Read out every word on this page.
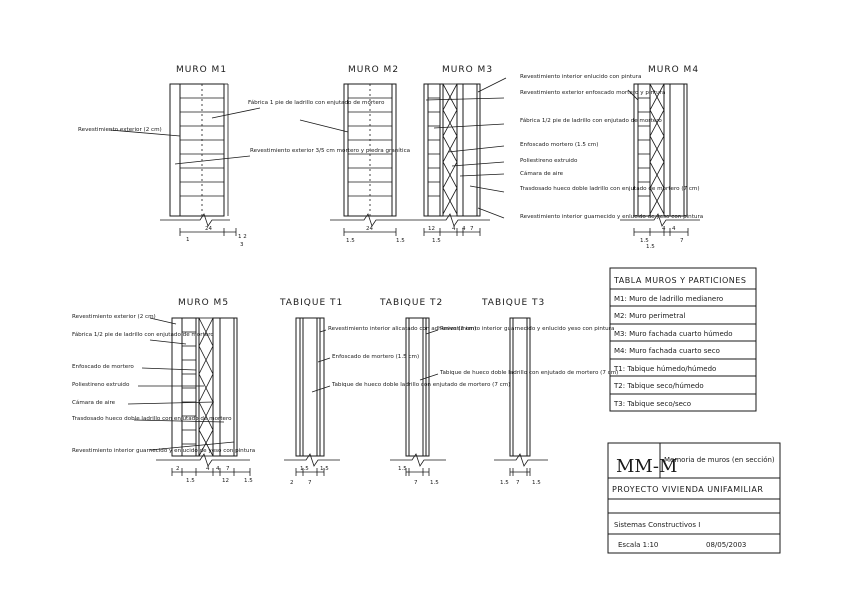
MURO M1
Revestimiento exterior (2 cm)
Fábrica 1 pie de ladrillo con enjutado de mortero
Revestimiento exterior 3/5 cm mortero y piedra granítica
1
24
1 2
3
MURO M2
1.5
24
1.5
MURO M3
Revestimiento interior enlucido con pintura
Revestimiento exterior enfoscado mortero y pintura
Fábrica 1/2 pie de ladrillo con enjutado de mortero
Enfoscado mortero (1.5 cm)
Poliestireno extruido
Cámara de aire
Trasdosado hueco doble ladrillo con enjutado de mortero (7 cm)
Revestimiento interior guarnecido y enlucido de yeso con pintura
12
1.5
4 4 7
MURO M4
1.5
1.5
4 4
7
MURO M5
Revestimiento exterior (2 cm)
Fábrica 1/2 pie de ladrillo con enjutado de mortero
Enfoscado de mortero
Poliestireno extruido
Cámara de aire
Trasdosado hueco doble ladrillo con enjutado de mortero
Revestimiento interior guarnecido y enlucido de yeso con pintura
2
1.5
4 4 7
1.5
12
TABIQUE T1
Revestimiento interior alicatado con adhesivo (2 cm)
Enfoscado de mortero (1.5 cm)
Tabique de hueco doble ladrillo con enjutado de mortero (7 cm)
2
1.5
7
1.5
TABIQUE T2
Revestimiento interior guarnecido y enlucido yeso con pintura
Tabique de hueco doble ladrillo con enjutado de mortero (7 cm)
1.5
7 1.5
TABIQUE T3
1.5 7 1.5
TABLA MUROS Y PARTICIONES
M1: Muro de ladrillo medianero
M2: Muro perimetral
M3: Muro fachada cuarto húmedo
M4: Muro fachada cuarto seco
T1: Tabique húmedo/húmedo
T2: Tabique seco/húmedo
T3: Tabique seco/seco
MM-M
Memoria de muros (en sección)
PROYECTO VIVIENDA UNIFAMILIAR
Sistemas Constructivos I
Escala 1:10	08/05/2003
